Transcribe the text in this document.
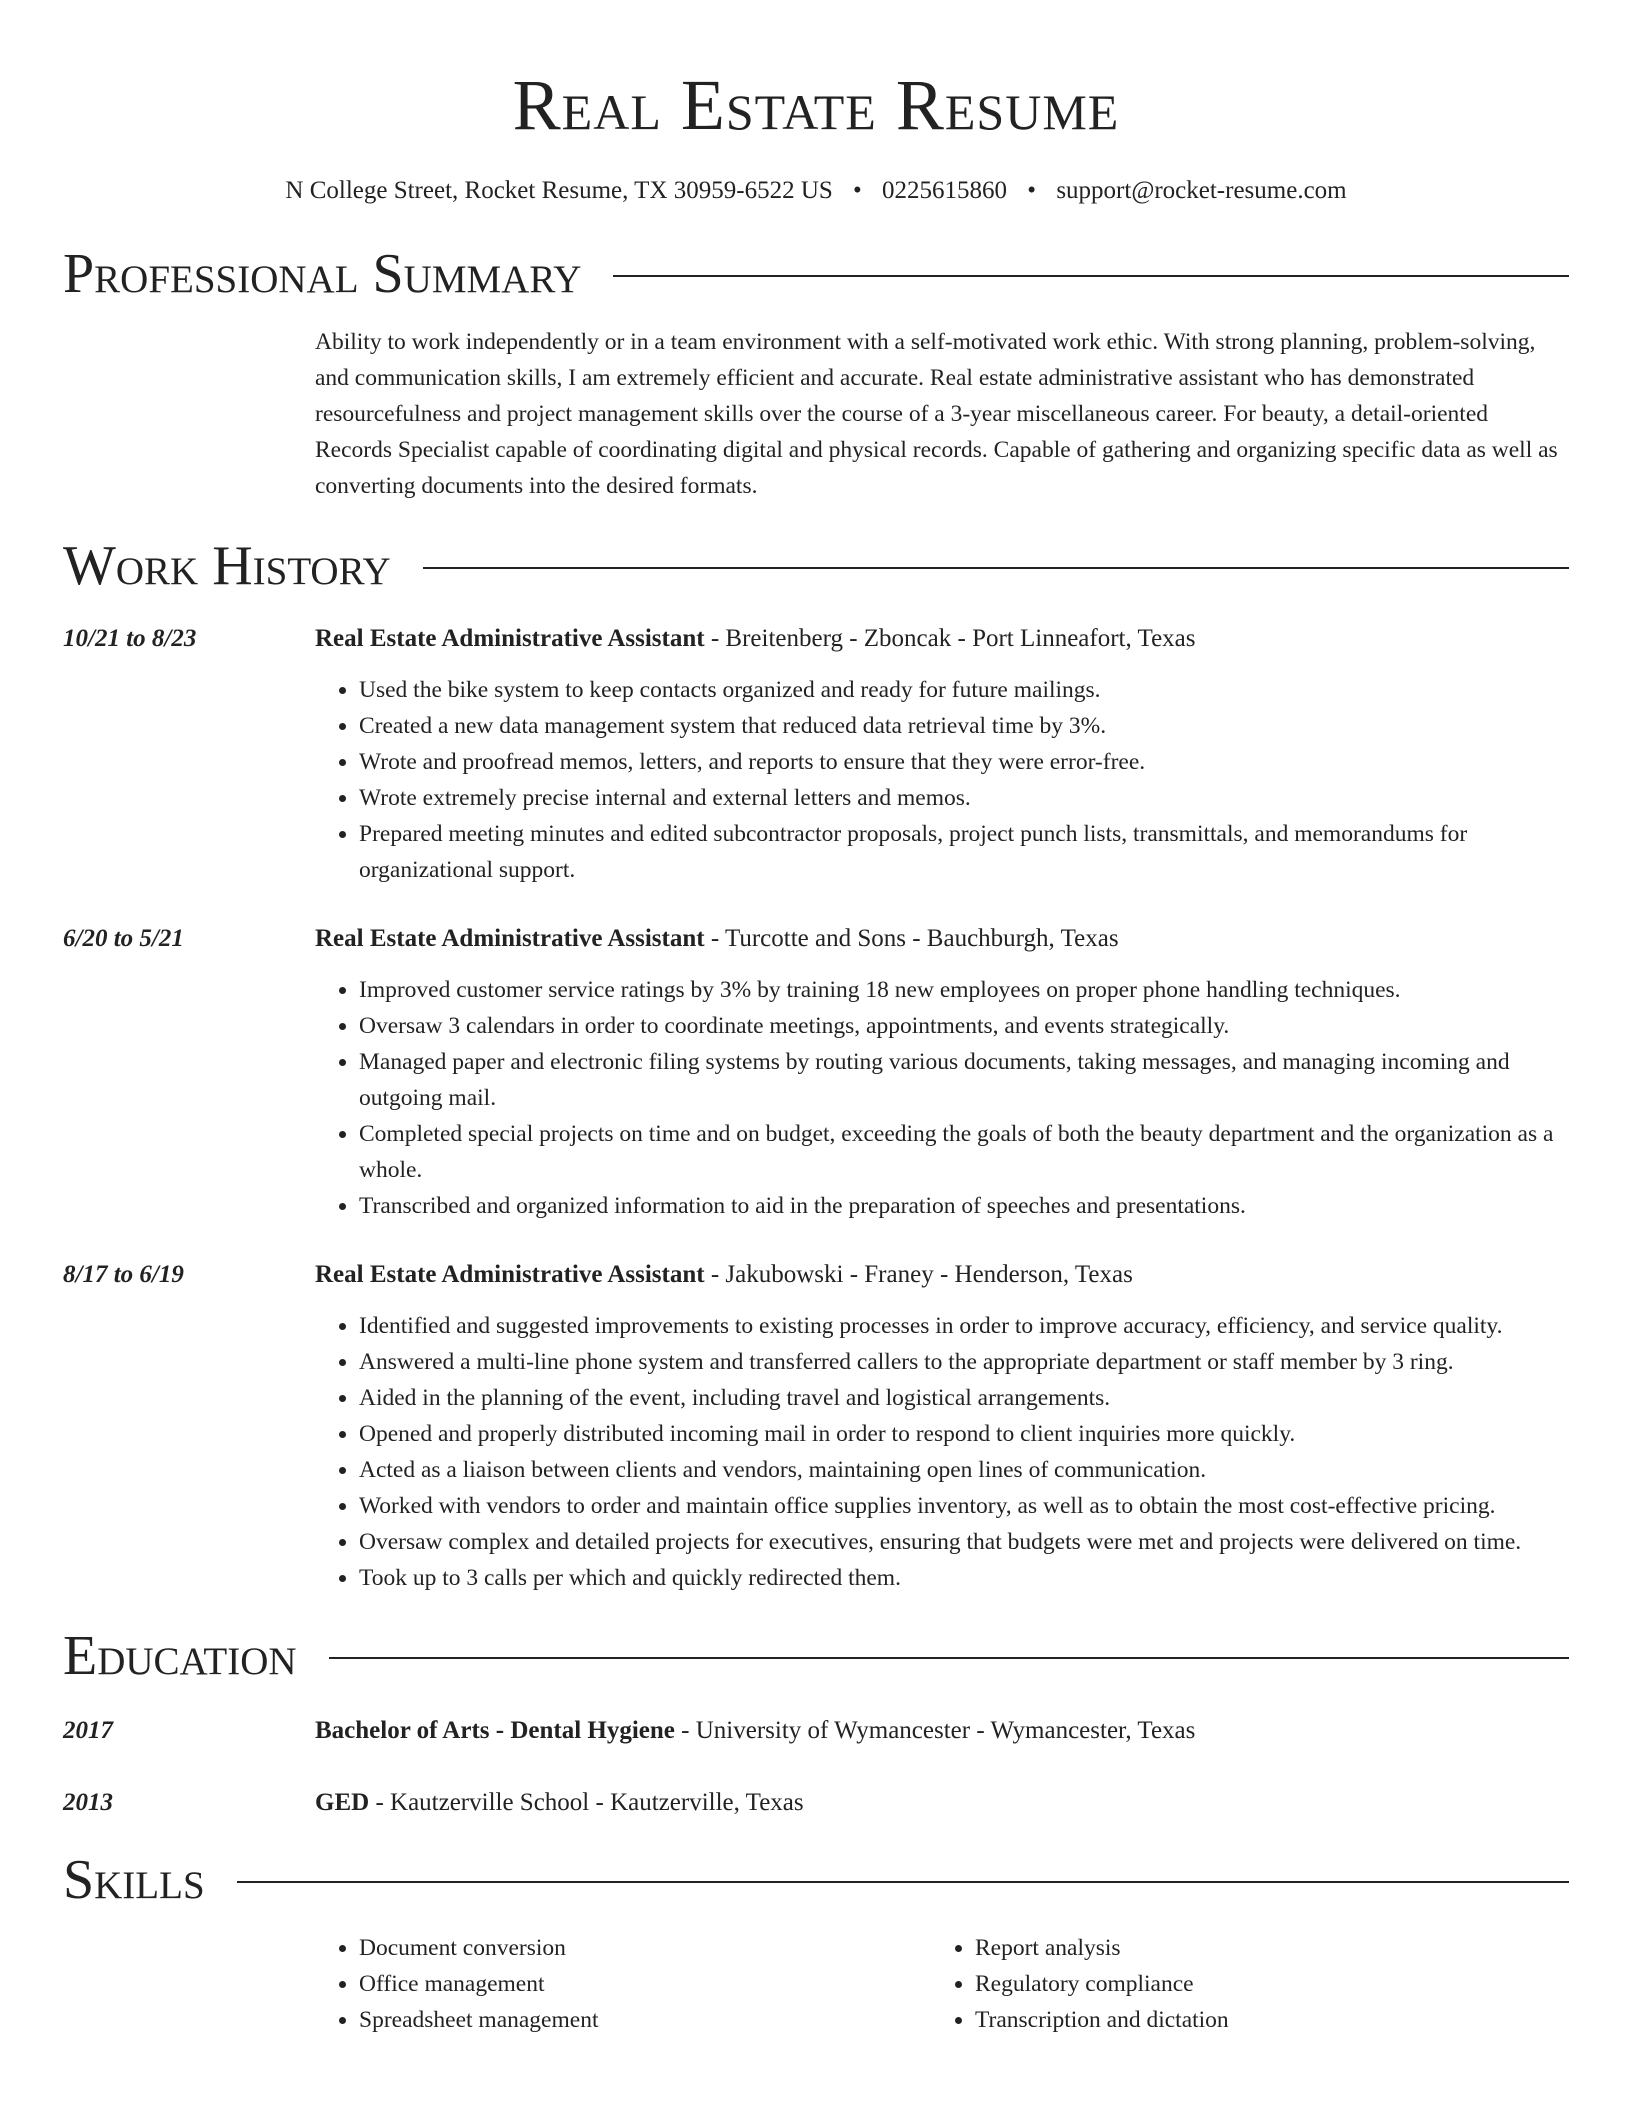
Real Estate Resume
N College Street, Rocket Resume, TX 30959-6522 US • 0225615860 • support@rocket-resume.com
Professional Summary
Ability to work independently or in a team environment with a self-motivated work ethic. With strong planning, problem-solving, and communication skills, I am extremely efficient and accurate. Real estate administrative assistant who has demonstrated resourcefulness and project management skills over the course of a 3-year miscellaneous career. For beauty, a detail-oriented Records Specialist capable of coordinating digital and physical records. Capable of gathering and organizing specific data as well as converting documents into the desired formats.
Work History
10/21 to 8/23	Real Estate Administrative Assistant - Breitenberg - Zboncak - Port Linneafort, Texas
• Used the bike system to keep contacts organized and ready for future mailings.
• Created a new data management system that reduced data retrieval time by 3%.
• Wrote and proofread memos, letters, and reports to ensure that they were error-free.
• Wrote extremely precise internal and external letters and memos.
• Prepared meeting minutes and edited subcontractor proposals, project punch lists, transmittals, and memorandums for organizational support.
6/20 to 5/21	Real Estate Administrative Assistant - Turcotte and Sons - Bauchburgh, Texas
• Improved customer service ratings by 3% by training 18 new employees on proper phone handling techniques.
• Oversaw 3 calendars in order to coordinate meetings, appointments, and events strategically.
• Managed paper and electronic filing systems by routing various documents, taking messages, and managing incoming and outgoing mail.
• Completed special projects on time and on budget, exceeding the goals of both the beauty department and the organization as a whole.
• Transcribed and organized information to aid in the preparation of speeches and presentations.
8/17 to 6/19	Real Estate Administrative Assistant - Jakubowski - Franey - Henderson, Texas
• Identified and suggested improvements to existing processes in order to improve accuracy, efficiency, and service quality.
• Answered a multi-line phone system and transferred callers to the appropriate department or staff member by 3 ring.
• Aided in the planning of the event, including travel and logistical arrangements.
• Opened and properly distributed incoming mail in order to respond to client inquiries more quickly.
• Acted as a liaison between clients and vendors, maintaining open lines of communication.
• Worked with vendors to order and maintain office supplies inventory, as well as to obtain the most cost-effective pricing.
• Oversaw complex and detailed projects for executives, ensuring that budgets were met and projects were delivered on time.
• Took up to 3 calls per which and quickly redirected them.
Education
2017	Bachelor of Arts - Dental Hygiene - University of Wymancester - Wymancester, Texas
2013	GED - Kautzerville School - Kautzerville, Texas
Skills
• Document conversion
• Office management
• Spreadsheet management
• Report analysis
• Regulatory compliance
• Transcription and dictation
